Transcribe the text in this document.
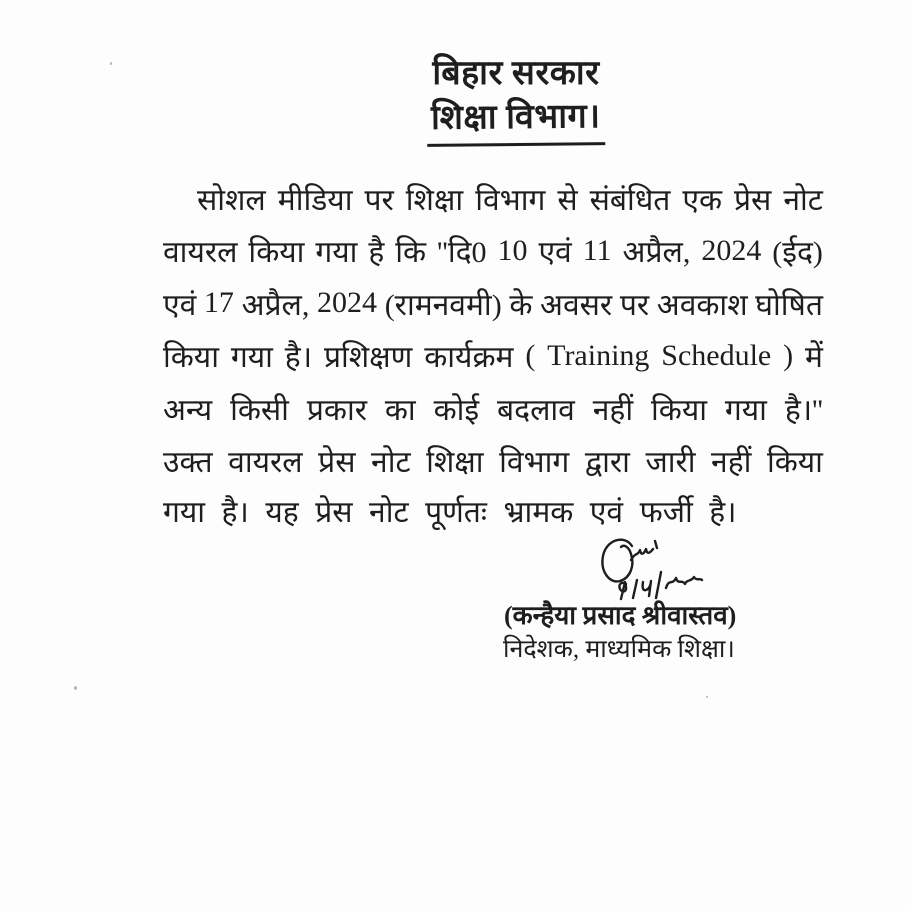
बिहार सरकार
शिक्षा विभाग।
सोशल मीडिया पर शिक्षा विभाग से संबंधित एक प्रेस नोट
वायरल किया गया है कि ''दि0 10 एवं 11 अप्रैल, 2024 (ईद)
एवं 17 अप्रैल, 2024 (रामनवमी) के अवसर पर अवकाश घोषित
किया गया है। प्रशिक्षण कार्यक्रम ( Training Schedule ) में
अन्य किसी प्रकार का कोई बदलाव नहीं किया गया है।''
उक्त वायरल प्रेस नोट शिक्षा विभाग द्वारा जारी नहीं किया
गया है। यह प्रेस नोट पूर्णतः भ्रामक एवं फर्जी है।
(कन्हैया प्रसाद श्रीवास्तव)
निदेशक, माध्यमिक शिक्षा।
